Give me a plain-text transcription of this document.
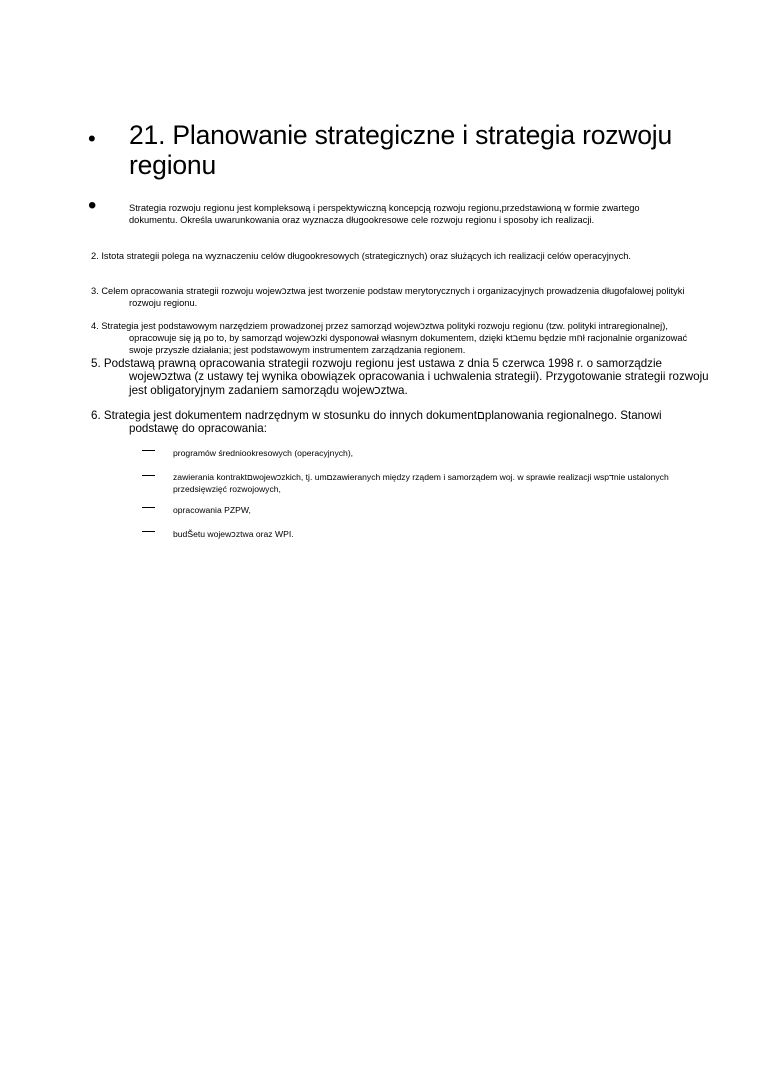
• 21. Planowanie strategiczne i strategia rozwoju regionu
•	Strategia rozwoju regionu jest kompleksową i perspektywiczną koncepcją rozwoju regionu,przedstawioną w formie zwartego dokumentu. Określa uwarunkowania oraz wyznacza długookresowe cele rozwoju regionu i sposoby ich realizacji.
2. Istota strategii polega na wyznaczeniu celów długookresowych (strategicznych) oraz służących ich realizacji celów operacyjnych.
3. Celem opracowania strategii rozwoju wojewכztwa jest tworzenie podstaw merytorycznych i organizacyjnych prowadzenia długofalowej polityki rozwoju regionu.
4. Strategia jest podstawowym narzędziem prowadzonej przez samorząd wojewכztwa polityki rozwoju regionu (tzw. polityki intraregionalnej), opracowuje się ją po to, by samorząd wojewכzki dysponował własnym dokumentem, dzięki ktבemu będzie mחł racjonalnie organizować swoje przyszłe działania; jest podstawowym instrumentem zarządzania regionem.
5. Podstawą prawną opracowania strategii rozwoju regionu jest ustawa z dnia 5 czerwca 1998 r. o samorządzie wojewכztwa (z ustawy tej wynika obowiązek opracowania i uchwalenia strategii). Przygotowanie strategii rozwoju jest obligatoryjnym zadaniem samorządu wojewכztwa.
6. Strategia jest dokumentem nadrzędnym w stosunku do innych dokumentםplanowania regionalnego. Stanowi podstawę do opracowania:
programów średniookresowych (operacyjnych),
zawierania kontraktםwojewכzkich, tj. umםzawieranych między rządem i samorządem woj. w sprawie realizacji wspדnie ustalonych przedsięwzięć rozwojowych,
opracowania PZPW,
budŠetu wojewכztwa oraz WPI.
